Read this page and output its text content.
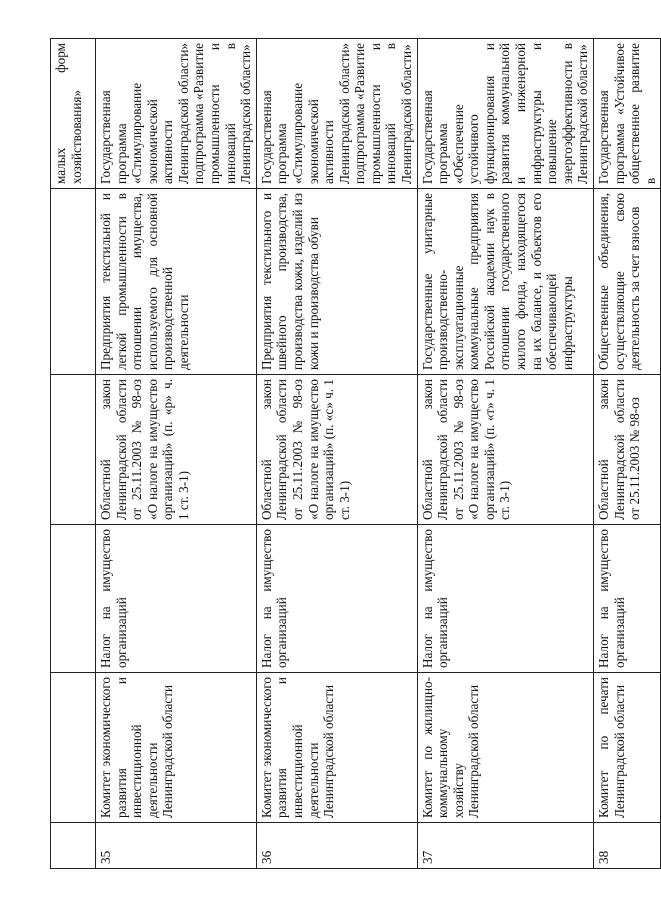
					малых форм хозяйствования»
35	Комитет экономического развития и инвестиционной деятельности Ленинградской области	Налог на имущество организаций	Областной закон Ленинградской области от 25.11.2003 № 98-оз «О налоге на имущество организаций» (п. «р» ч. 1 ст. 3-1)	Предприятия текстильной и легкой промышленности в отношении имущества, используемого для основной производственной деятельности	Государственная программа «Стимулирование экономической активности Ленинградской области» подпрограмма «Развитие промышленности и инноваций в Ленинградской области»
36	Комитет экономического развития и инвестиционной деятельности Ленинградской области	Налог на имущество организаций	Областной закон Ленинградской области от 25.11.2003 № 98-оз «О налоге на имущество организаций» (п. «с» ч. 1 ст. 3-1)	Предприятия текстильного и швейного производства, производства кожи, изделий из кожи и производства обуви	Государственная программа «Стимулирование экономической активности Ленинградской области» подпрограмма «Развитие промышленности и инноваций в Ленинградской области»
37	Комитет по жилищно-коммунальному хозяйству Ленинградской области	Налог на имущество организаций	Областной закон Ленинградской области от 25.11.2003 № 98-оз «О налоге на имущество организаций» (п. «т» ч. 1 ст. 3-1)	Государственные унитарные производственно-эксплуатационные коммунальные предприятия Российской академии наук в отношении государственного жилого фонда, находящегося на их балансе, и объектов его обеспечивающей инфраструктуры	Государственная программа «Обеспечение устойчивого функционирования и развития коммунальной и инженерной инфраструктуры и повышение энергоэффективности в Ленинградской области»
38	Комитет по печати Ленинградской области	Налог на имущество организаций	Областной закон Ленинградской области от 25.11.2003 № 98-оз	Общественные объединения, осуществляющие свою деятельность за счет взносов	Государственная программа «Устойчивое общественное развитие в
